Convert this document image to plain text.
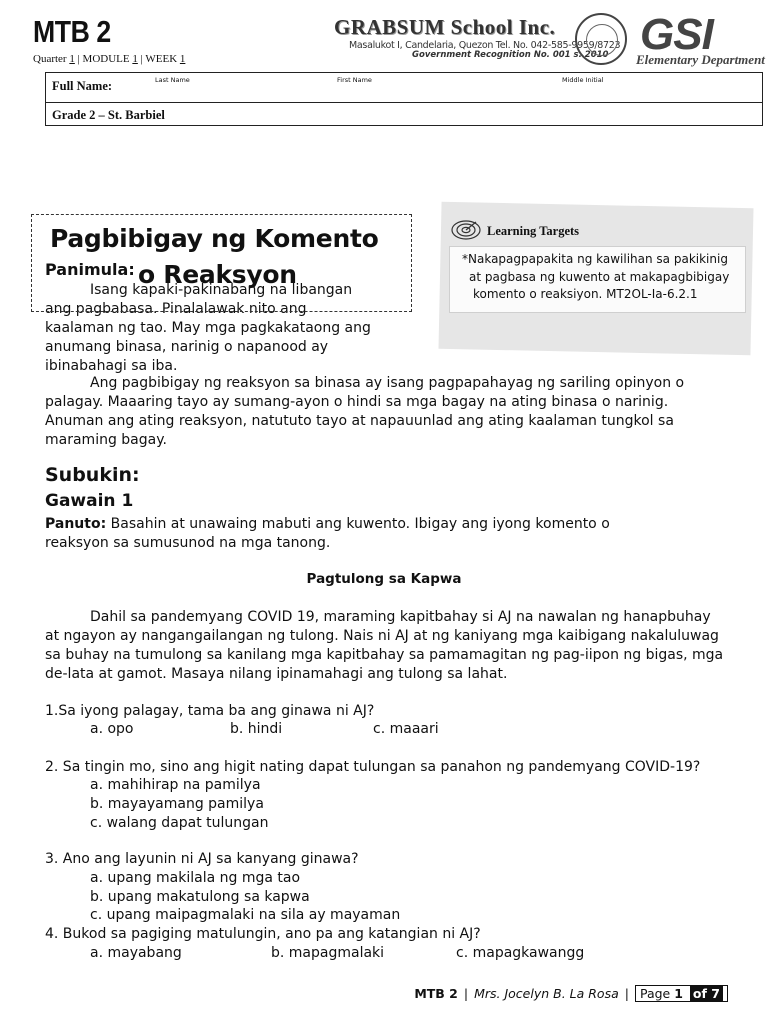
MTB 2
Quarter 1 | MODULE 1 | WEEK 1
GRABSUM School Inc.
Masalukot I, Candelaria, Quezon Tel. No. 042-585-9959/8723
Government Recognition No. 001 s. 2010 GSI
Elementary Department
Full Name:	Last Name	First Name	Middle Initial
Grade 2 – St. Barbiel
Learning Targets
*Nakapagpapakita ng kawilihan sa pakikinig
at pagbasa ng kuwento at makapagbibigay
komento o reaksiyon. MT2OL-Ia-6.2.1
Isang kapaki-pakinabang na libangan
ang pagbabasa. Pinalalawak nito ang
kaalaman ng tao. May mga pagkakataong ang
anumang binasa, narinig o napanood ay
ibinabahagi sa iba.
Panimula:
Pagbibigay ng Komento
o Reaksyon
Ang pagbibigay ng reaksyon sa binasa ay isang pagpapahayag ng sariling opinyon o
palagay. Maaaring tayo ay sumang-ayon o hindi sa mga bagay na ating binasa o narinig.
Anuman ang ating reaksyon, natututo tayo at napauunlad ang ating kaalaman tungkol sa
maraming bagay.
Subukin:
Gawain 1
Panuto: Basahin at unawaing mabuti ang kuwento. Ibigay ang iyong komento o
reaksyon sa sumusunod na mga tanong.
Pagtulong sa Kapwa
Dahil sa pandemyang COVID 19, maraming kapitbahay si AJ na nawalan ng hanapbuhay
at ngayon ay nangangailangan ng tulong. Nais ni AJ at ng kaniyang mga kaibigang nakaluluwag
sa buhay na tumulong sa kanilang mga kapitbahay sa pamamagitan ng pag-iipon ng bigas, mga
de-lata at gamot. Masaya nilang ipinamahagi ang tulong sa lahat.
1.Sa iyong palagay, tama ba ang ginawa ni AJ?
a. opo	b. hindi	c. maaari
2. Sa tingin mo, sino ang higit nating dapat tulungan sa panahon ng pandemyang COVID-19?
a. mahihirap na pamilya
b. mayayamang pamilya
c. walang dapat tulungan
3. Ano ang layunin ni AJ sa kanyang ginawa?
a. upang makilala ng mga tao
b. upang makatulong sa kapwa
c. upang maipagmalaki na sila ay mayaman
4. Bukod sa pagiging matulungin, ano pa ang katangian ni AJ?
a. mayabang	b. mapagmalaki	c. mapagkawangg
MTB 2 | Mrs. Jocelyn B. La Rosa | Page 1 of 7
